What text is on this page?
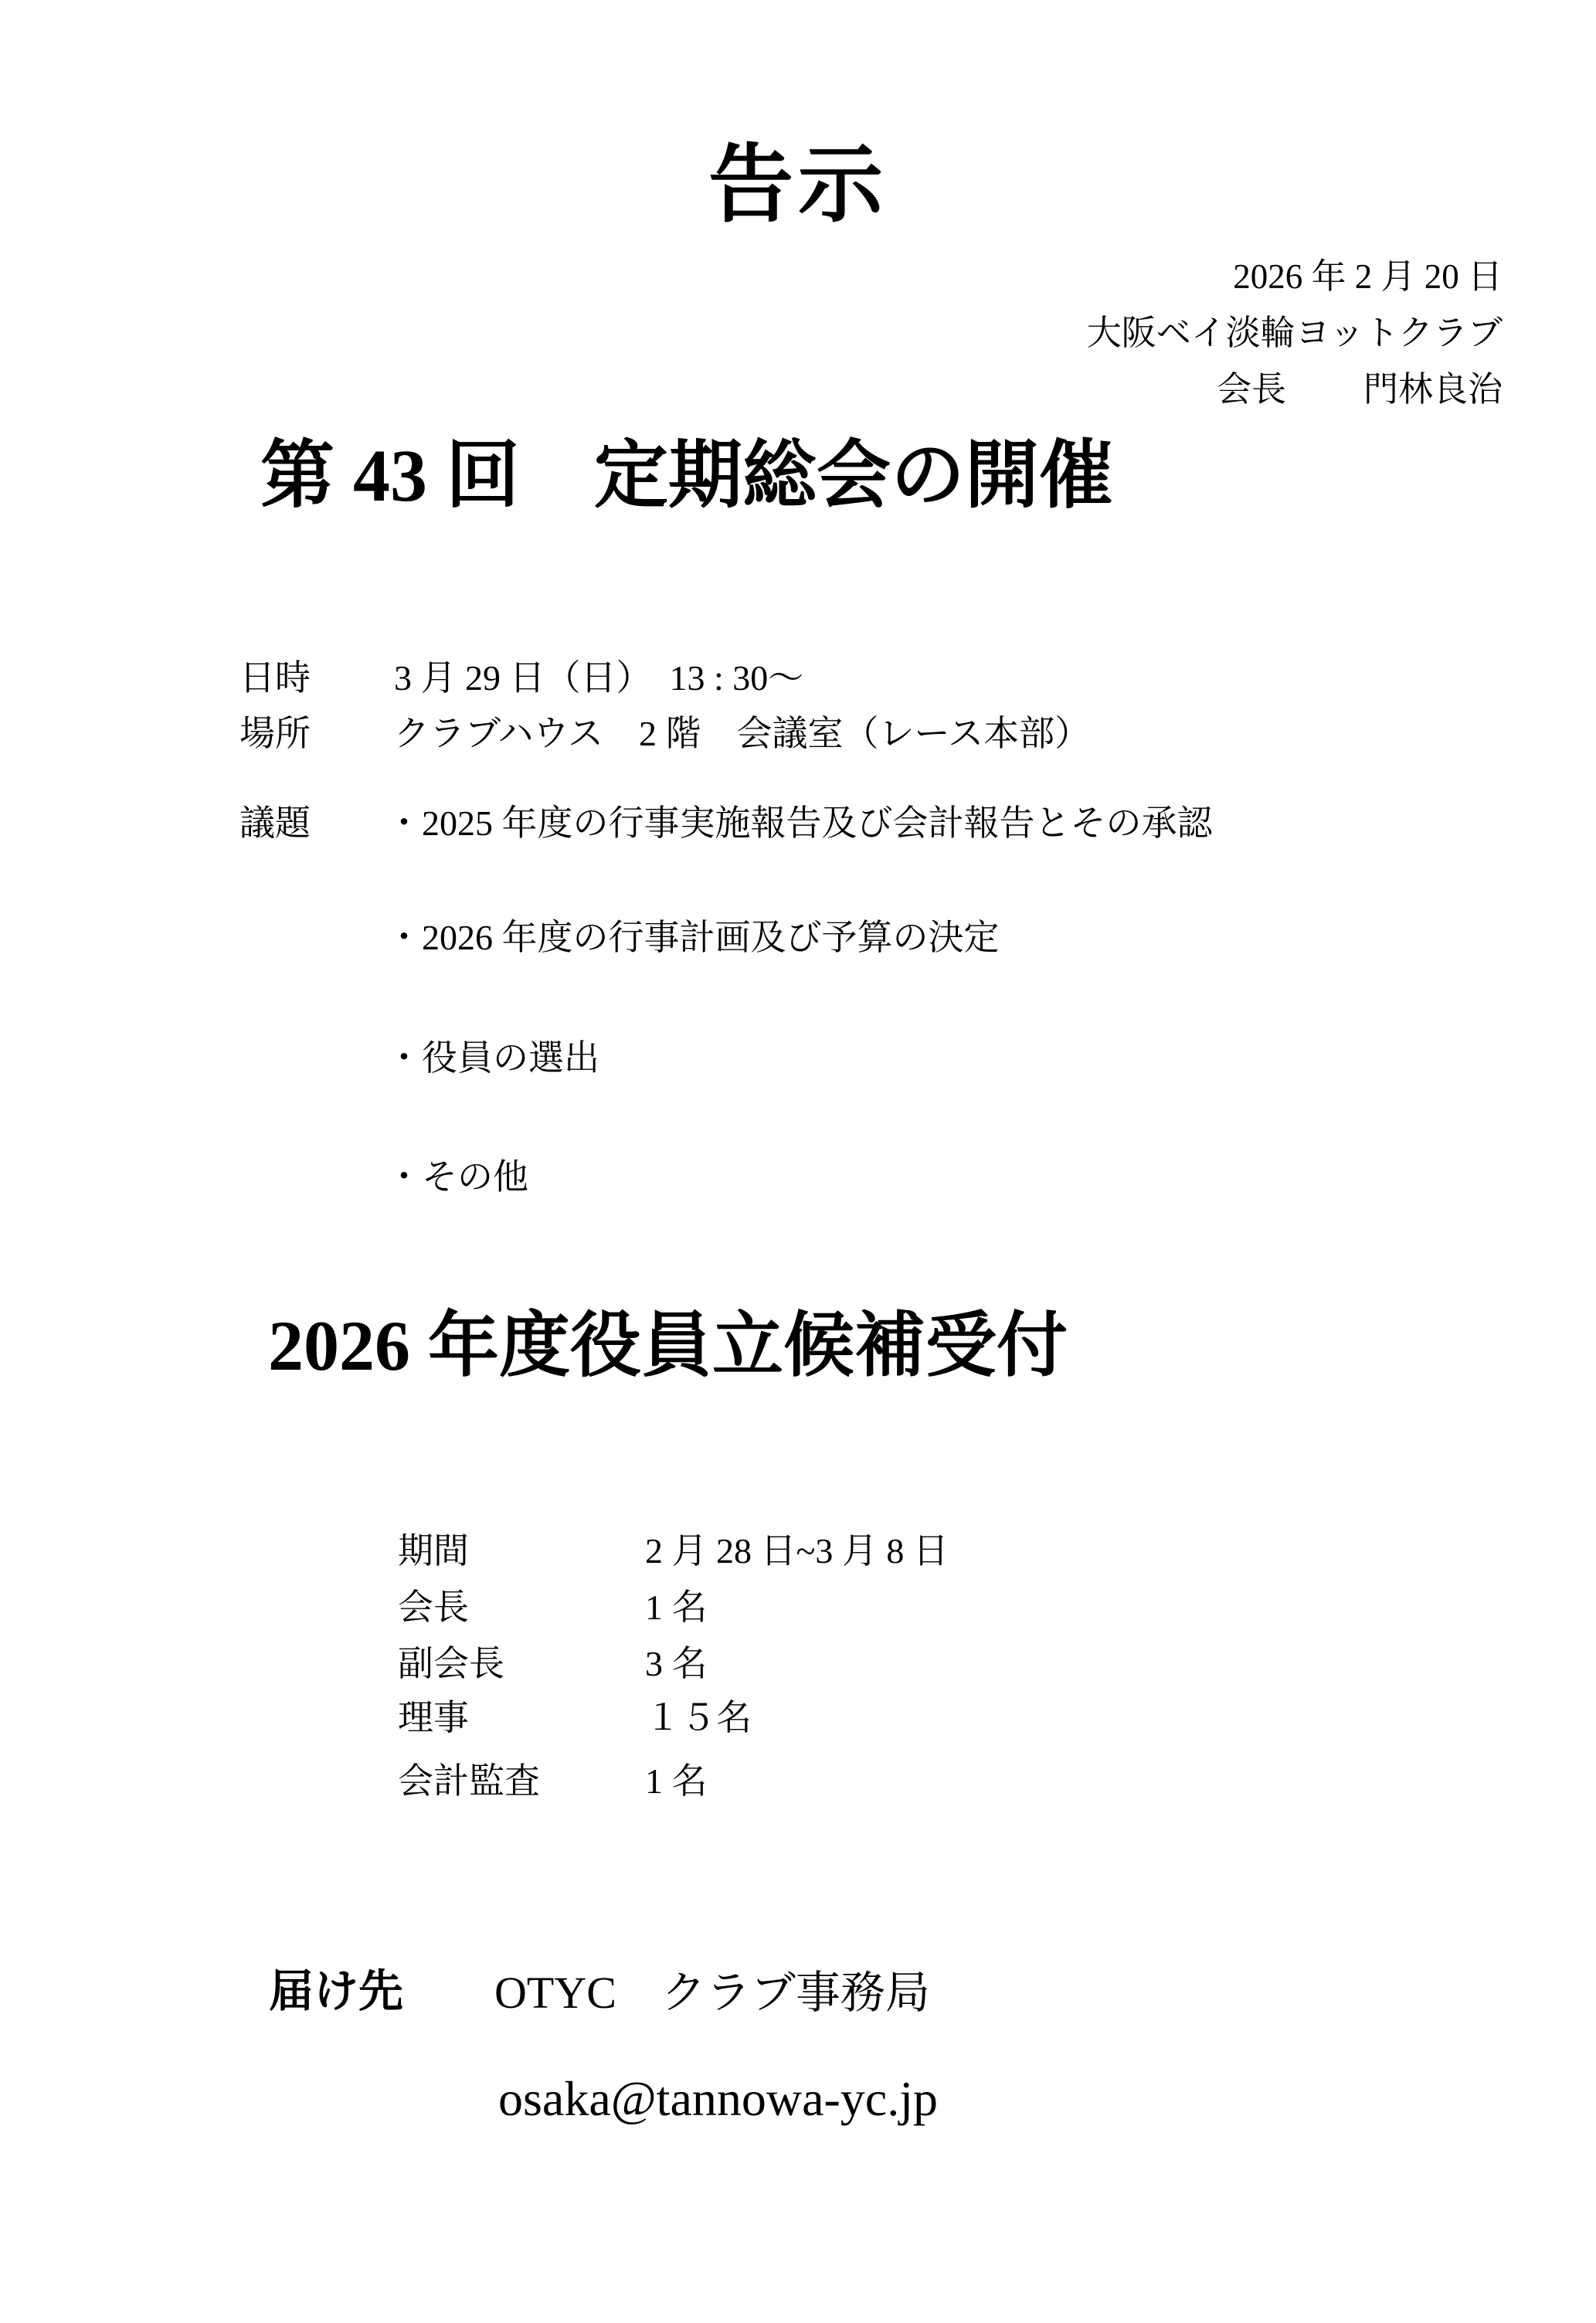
告示
2026 年 2 月 20 日
大阪ベイ淡輪ヨットクラブ
会長 門林良治
第 43 回　定期総会の開催
日時 3 月 29 日（日）　13 : 30～
場所 クラブハウス　2 階　会議室（レース本部）
議題 ・2025 年度の行事実施報告及び会計報告とその承認
・2026 年度の行事計画及び予算の決定
・役員の選出
・その他
2026 年度役員立候補受付
期間	2 月 28 日~3 月 8 日
会長	1 名
副会長	3 名
理事	１５名
会計監査	1 名
届け先 OTYC　クラブ事務局
osaka@tannowa-yc.jp
